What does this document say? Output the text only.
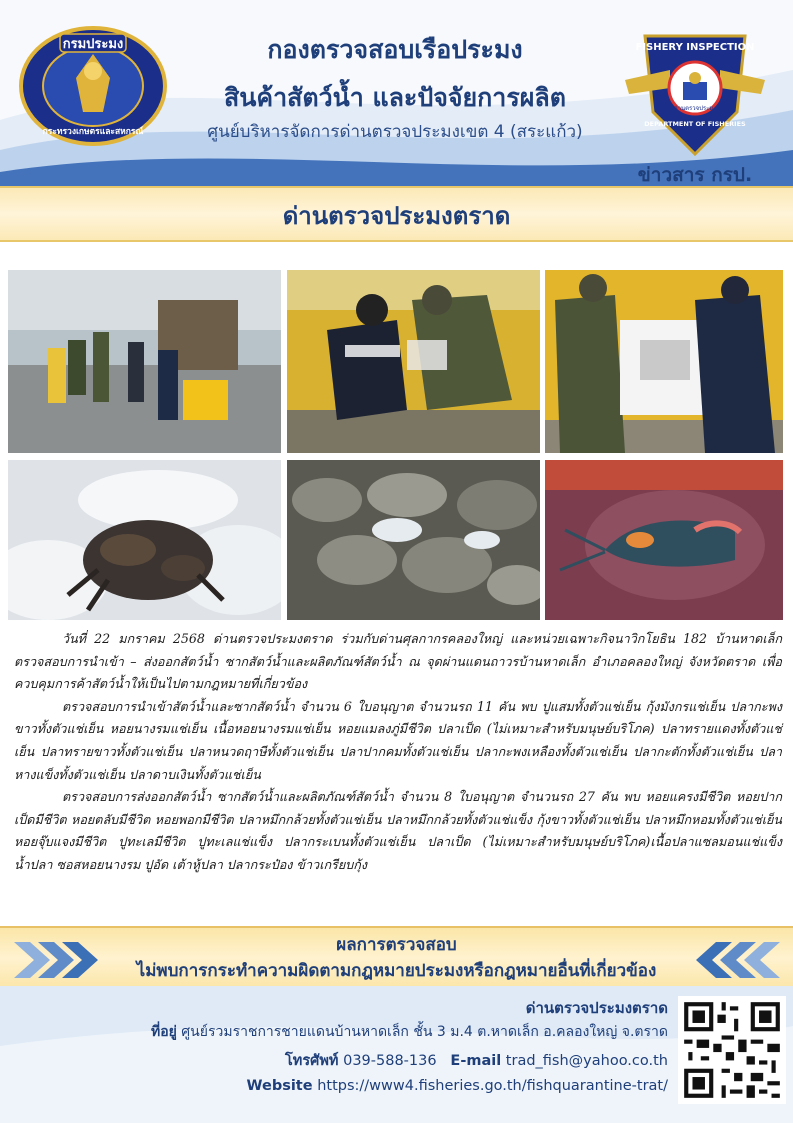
กรมประมง
กระทรวงเกษตรและสหกรณ์
กองตรวจสอบเรือประมง
สินค้าสัตว์น้ำ และปัจจัยการผลิต
ศูนย์บริหารจัดการด่านตรวจประมงเขต 4 (สระแก้ว)
FISHERY INSPECTION
DEPARTMENT OF FISHERIES
ด่านตรวจประมง
ข่าวสาร กรป.
ด่านตรวจประมงตราด

วันที่ 22 มกราคม 2568 ด่านตรวจประมงตราด ร่วมกับด่านศุลกากรคลองใหญ่ และหน่วยเฉพาะกิจนาวิกโยธิน 182 บ้านหาดเล็ก ตรวจสอบการนำเข้า – ส่งออกสัตว์น้ำ ซากสัตว์น้ำและผลิตภัณฑ์สัตว์น้ำ ณ จุดผ่านแดนถาวรบ้านหาดเล็ก อำเภอคลองใหญ่ จังหวัดตราด เพื่อควบคุมการค้าสัตว์น้ำให้เป็นไปตามกฎหมายที่เกี่ยวข้อง

ตรวจสอบการนำเข้าสัตว์น้ำและซากสัตว์น้ำ จำนวน 6 ใบอนุญาต จำนวนรถ 11 คัน พบ ปูแสมทั้งตัวแช่เย็น กุ้งมังกรแช่เย็น ปลากะพงขาวทั้งตัวแช่เย็น หอยนางรมแช่เย็น เนื้อหอยนางรมแช่เย็น หอยแมลงภู่มีชีวิต ปลาเป็ด (ไม่เหมาะสำหรับมนุษย์บริโภค) ปลาทรายแดงทั้งตัวแช่เย็น ปลาทรายขาวทั้งตัวแช่เย็น ปลาหนวดฤาษีทั้งตัวแช่เย็น ปลาปากคมทั้งตัวแช่เย็น ปลากะพงเหลืองทั้งตัวแช่เย็น ปลากะตักทั้งตัวแช่เย็น ปลาหางแข็งทั้งตัวแช่เย็น ปลาดาบเงินทั้งตัวแช่เย็น

ตรวจสอบการส่งออกสัตว์น้ำ ซากสัตว์น้ำและผลิตภัณฑ์สัตว์น้ำ จำนวน 8 ใบอนุญาต จำนวนรถ 27 คัน พบ หอยแครงมีชีวิต หอยปากเป็ดมีชีวิต หอยตลับมีชีวิต หอยพอกมีชีวิต ปลาหมึกกล้วยทั้งตัวแช่เย็น ปลาหมึกกล้วยทั้งตัวแช่แข็ง กุ้งขาวทั้งตัวแช่เย็น ปลาหมึกหอมทั้งตัวแช่เย็น หอยจุ๊บแจงมีชีวิต ปูทะเลมีชีวิต ปูทะเลแช่แข็ง ปลากระเบนทั้งตัวแช่เย็น ปลาเป็ด (ไม่เหมาะสำหรับมนุษย์บริโภค)เนื้อปลาแซลมอนแช่แข็ง น้ำปลา ซอสหอยนางรม ปูอัด เต้าหู้ปลา ปลากระป๋อง ข้าวเกรียบกุ้ง

ผลการตรวจสอบ
ไม่พบการกระทำความผิดตามกฎหมายประมงหรือกฎหมายอื่นที่เกี่ยวข้อง
ด่านตรวจประมงตราด
ที่อยู่ ศูนย์รวมราชการชายแดนบ้านหาดเล็ก ชั้น 3 ม.4 ต.หาดเล็ก อ.คลองใหญ่ จ.ตราด
โทรศัพท์ 039-588-136 E-mail trad_fish@yahoo.co.th
Website https://www4.fisheries.go.th/fishquarantine-trat/
